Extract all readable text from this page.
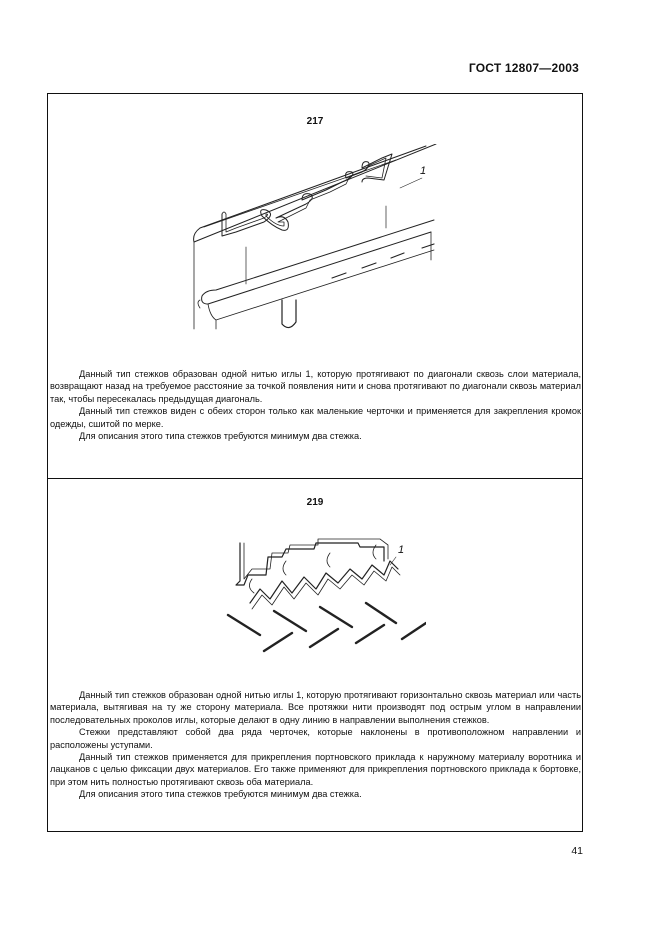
ГОСТ 12807—2003
217
1

Данный тип стежков образован одной нитью иглы 1, которую протягивают по диагонали сквозь слои материала, возвращают назад на требуемое расстояние за точкой появления нити и снова протягивают по диагонали сквозь материал так, чтобы пересекалась предыдущая диагональ.

Данный тип стежков виден с обеих сторон только как маленькие черточки и применяется для закрепления кромок одежды, сшитой по мерке.

Для описания этого типа стежков требуются минимум два стежка.

219
1

Данный тип стежков образован одной нитью иглы 1, которую протягивают горизонтально сквозь материал или часть материала, вытягивая на ту же сторону материала. Все протяжки нити производят под острым углом в направлении последовательных проколов иглы, которые делают в одну линию в направлении выполнения стежков.

Стежки представляют собой два ряда черточек, которые наклонены в противоположном направлении и расположены уступами.

Данный тип стежков применяется для прикрепления портновского приклада к наружному материалу воротника и лацканов с целью фиксации двух материалов. Его также применяют для прикрепления портновского приклада к бортовке, при этом нить полностью протягивают сквозь оба материала.

Для описания этого типа стежков требуются минимум два стежка.

41
